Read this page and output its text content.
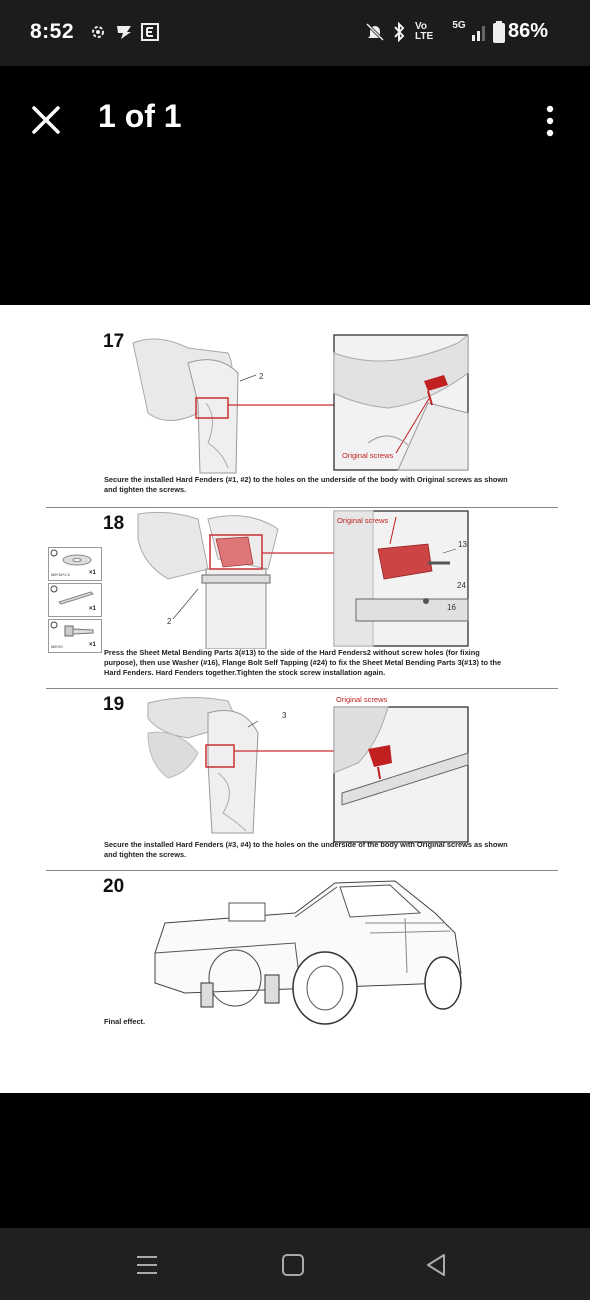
8:52	Vo LTE
5G	86%
1 of 1
17
2
Original screws
Secure the installed Hard Fenders (#1, #2) to the holes on the underside of the body with Original screws as shown and tighten the screws.
18
M6*16*1.5	×1
×1
M6*20	×1
2
Original screws
13
24
16
Press the Sheet Metal Bending Parts 3(#13) to the side of the Hard Fenders2 without screw holes (for fixing purpose), then use Washer (#16), Flange Bolt Self Tapping (#24) to fix the Sheet Metal Bending Parts 3(#13) to the Hard Fenders. Hard Fenders together.Tighten the stock screw installation again.
19
3
Original screws
Secure the installed Hard Fenders (#3, #4) to the holes on the underside of the body with Original screws as shown and tighten the screws.
20
Final effect.
